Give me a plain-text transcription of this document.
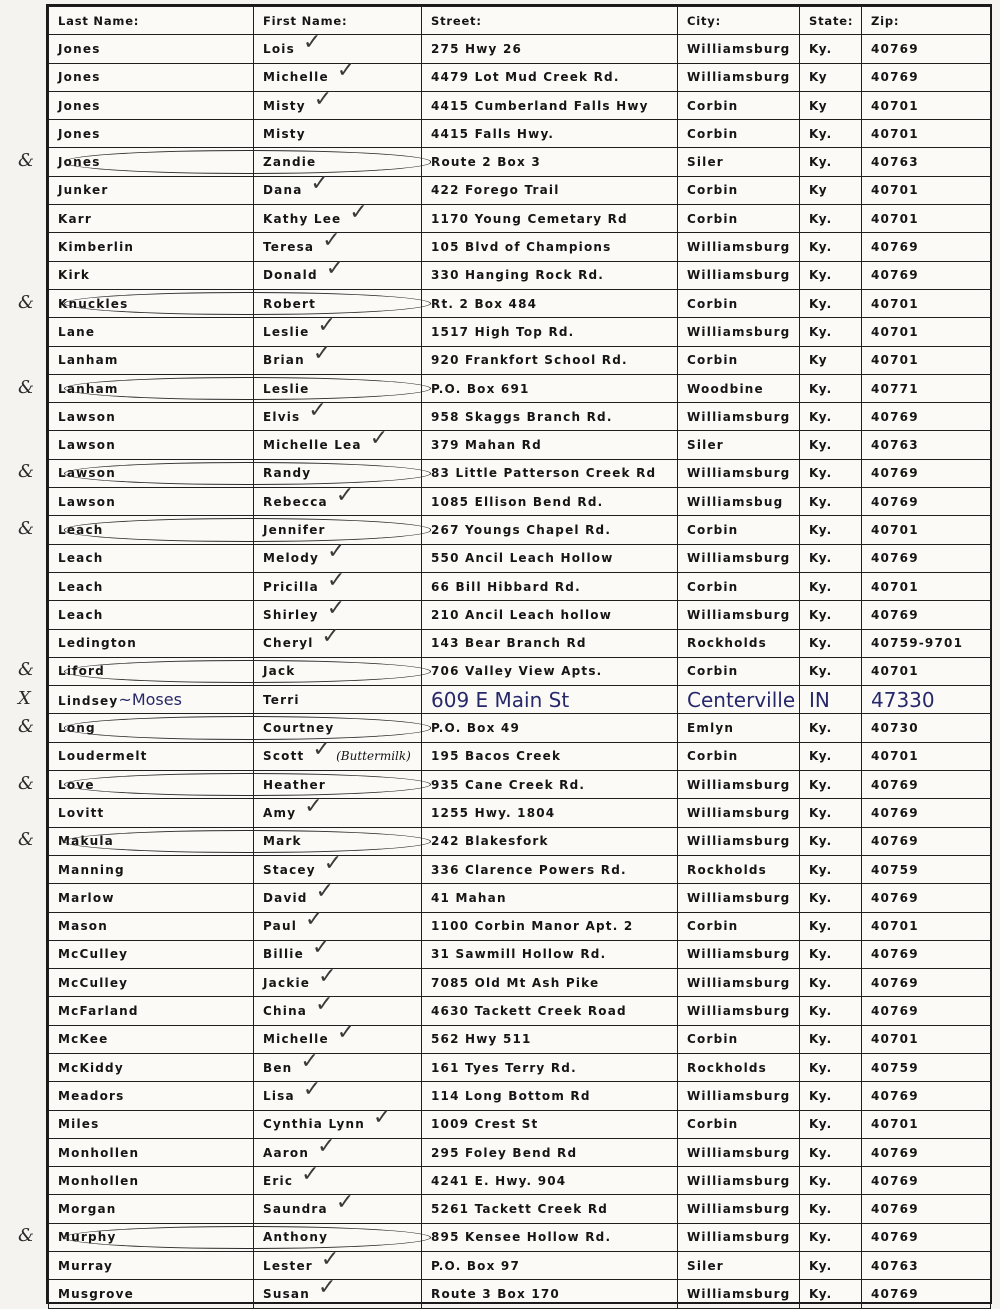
Last Name:	First Name:	Street:	City:	State:	Zip:
Jones	Lois ✓	275 Hwy 26	Williamsburg	Ky.	40769
Jones	Michelle ✓	4479 Lot Mud Creek Rd.	Williamsburg	Ky	40769
Jones	Misty ✓	4415 Cumberland Falls Hwy	Corbin	Ky	40701
Jones	Misty	4415 Falls Hwy.	Corbin	Ky.	40701
Jones	Zandie	Route 2 Box 3	Siler	Ky.	40763
Junker	Dana ✓	422 Forego Trail	Corbin	Ky	40701
Karr	Kathy Lee ✓	1170 Young Cemetary Rd	Corbin	Ky.	40701
Kimberlin	Teresa ✓	105 Blvd of Champions	Williamsburg	Ky.	40769
Kirk	Donald ✓	330 Hanging Rock Rd.	Williamsburg	Ky.	40769
Knuckles	Robert	Rt. 2 Box 484	Corbin	Ky.	40701
Lane	Leslie ✓	1517 High Top Rd.	Williamsburg	Ky.	40701
Lanham	Brian ✓	920 Frankfort School Rd.	Corbin	Ky	40701
Lanham	Leslie	P.O. Box 691	Woodbine	Ky.	40771
Lawson	Elvis ✓	958 Skaggs Branch Rd.	Williamsburg	Ky.	40769
Lawson	Michelle Lea ✓	379 Mahan Rd	Siler	Ky.	40763
Lawson	Randy	83 Little Patterson Creek Rd	Williamsburg	Ky.	40769
Lawson	Rebecca ✓	1085 Ellison Bend Rd.	Williamsbug	Ky.	40769
Leach	Jennifer	267 Youngs Chapel Rd.	Corbin	Ky.	40701
Leach	Melody ✓	550 Ancil Leach Hollow	Williamsburg	Ky.	40769
Leach	Pricilla ✓	66 Bill Hibbard Rd.	Corbin	Ky.	40701
Leach	Shirley ✓	210 Ancil Leach hollow	Williamsburg	Ky.	40769
Ledington	Cheryl ✓	143 Bear Branch Rd	Rockholds	Ky.	40759-9701
Liford	Jack	706 Valley View Apts.	Corbin	Ky.	40701
Lindsey~Moses	Terri	609 E Main St	Centerville	IN	47330
Long	Courtney	P.O. Box 49	Emlyn	Ky.	40730
Loudermelt	Scott ✓ (Buttermilk)	195 Bacos Creek	Corbin	Ky.	40701
Love	Heather	935 Cane Creek Rd.	Williamsburg	Ky.	40769
Lovitt	Amy ✓	1255 Hwy. 1804	Williamsburg	Ky.	40769
Makula	Mark	242 Blakesfork	Williamsburg	Ky.	40769
Manning	Stacey ✓	336 Clarence Powers Rd.	Rockholds	Ky.	40759
Marlow	David ✓	41 Mahan	Williamsburg	Ky.	40769
Mason	Paul ✓	1100 Corbin Manor Apt. 2	Corbin	Ky.	40701
McCulley	Billie ✓	31 Sawmill Hollow Rd.	Williamsburg	Ky.	40769
McCulley	Jackie ✓	7085 Old Mt Ash Pike	Williamsburg	Ky.	40769
McFarland	China ✓	4630 Tackett Creek Road	Williamsburg	Ky.	40769
McKee	Michelle ✓	562 Hwy 511	Corbin	Ky.	40701
McKiddy	Ben ✓	161 Tyes Terry Rd.	Rockholds	Ky.	40759
Meadors	Lisa ✓	114 Long Bottom Rd	Williamsburg	Ky.	40769
Miles	Cynthia Lynn ✓	1009 Crest St	Corbin	Ky.	40701
Monhollen	Aaron ✓	295 Foley Bend Rd	Williamsburg	Ky.	40769
Monhollen	Eric ✓	4241 E. Hwy. 904	Williamsburg	Ky.	40769
Morgan	Saundra ✓	5261 Tackett Creek Rd	Williamsburg	Ky.	40769
Murphy	Anthony	895 Kensee Hollow Rd.	Williamsburg	Ky.	40769
Murray	Lester ✓	P.O. Box 97	Siler	Ky.	40763
Musgrove	Susan ✓	Route 3 Box 170	Williamsburg	Ky.	40769
&
&
&
&
&
&
X
&
&
&
&
